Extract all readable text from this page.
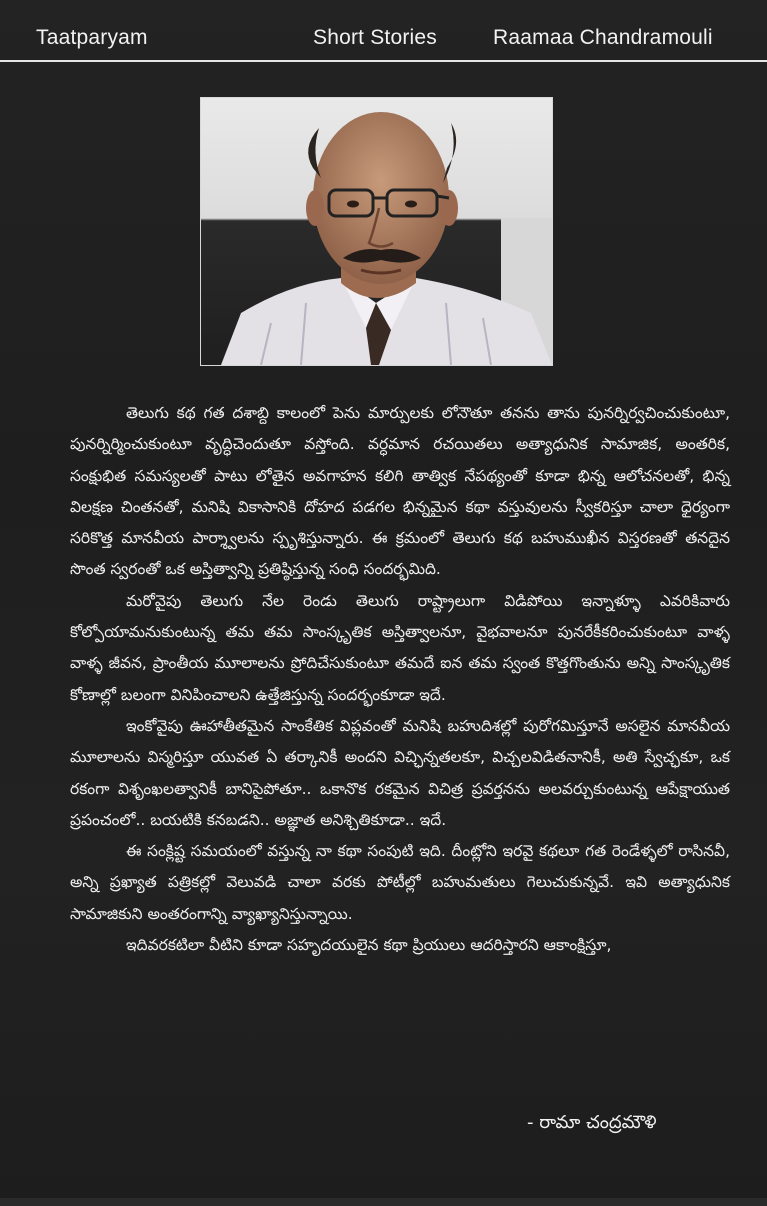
Taatparyam	Short Stories	Raamaa Chandramouli

తెలుగు కథ గత దశాబ్ది కాలంలో పెను మార్పులకు లోనౌతూ తనను తాను పునర్నిర్వచించుకుంటూ, పునర్నిర్మించుకుంటూ వృద్ధిచెందుతూ వస్తోంది. వర్ధమాన రచయితలు అత్యాధునిక సామాజిక, అంతరిక, సంక్షుభిత సమస్యలతో పాటు లోతైన అవగాహన కలిగి తాత్విక నేపథ్యంతో కూడా భిన్న ఆలోచనలతో, భిన్న విలక్షణ చింతనతో, మనిషి వికాసానికి దోహద పడగల భిన్నమైన కథా వస్తువులను స్వీకరిస్తూ చాలా ధైర్యంగా సరికొత్త మానవీయ పార్శ్వాలను స్పృశిస్తున్నారు. ఈ క్రమంలో తెలుగు కథ బహుముఖీన విస్తరణతో తనదైన సొంత స్వరంతో ఒక అస్తిత్వాన్ని ప్రతిష్ఠిస్తున్న సంధి సందర్భమిది.

మరోవైపు తెలుగు నేల రెండు తెలుగు రాష్ట్రాలుగా విడిపోయి ఇన్నాళ్ళూ ఎవరికివారు కోల్పోయామనుకుంటున్న తమ తమ సాంస్కృతిక అస్తిత్వాలనూ, వైభవాలనూ పునరేకీకరించుకుంటూ వాళ్ళ వాళ్ళ జీవన, ప్రాంతీయ మూలాలను ప్రోదిచేసుకుంటూ తమదే ఐన తమ స్వంత కొత్తగొంతును అన్ని సాంస్కృతిక కోణాల్లో బలంగా వినిపించాలని ఉత్తేజిస్తున్న సందర్భంకూడా ఇదే.

ఇంకోవైపు ఊహాతీతమైన సాంకేతిక విప్లవంతో మనిషి బహుదిశల్లో పురోగమిస్తూనే అసలైన మానవీయ మూలాలను విస్మరిస్తూ యువత ఏ తర్కానికీ అందని విచ్ఛిన్నతలకూ, విచ్చలవిడితనానికీ, అతి స్వేచ్ఛకూ, ఒక రకంగా విశృంఖలత్వానికీ బానిసైపోతూ.. ఒకానొక రకమైన విచిత్ర ప్రవర్తనను అలవర్చుకుంటున్న ఆపేక్షాయుత ప్రపంచంలో.. బయటికి కనబడని.. అజ్ఞాత అనిశ్చితికూడా.. ఇదే.

ఈ సంక్లిష్ట సమయంలో వస్తున్న నా కథా సంపుటి ఇది. దీంట్లోని ఇరవై కథలూ గత రెండేళ్ళలో రాసినవీ, అన్ని ప్రఖ్యాత పత్రికల్లో వెలువడి చాలా వరకు పోటీల్లో బహుమతులు గెలుచుకున్నవే. ఇవి అత్యాధునిక సామాజికుని అంతరంగాన్ని వ్యాఖ్యానిస్తున్నాయి.

ఇదివరకటిలా వీటిని కూడా సహృదయులైన కథా ప్రియులు ఆదరిస్తారని ఆకాంక్షిస్తూ,

- రామా చంద్రమౌళి
